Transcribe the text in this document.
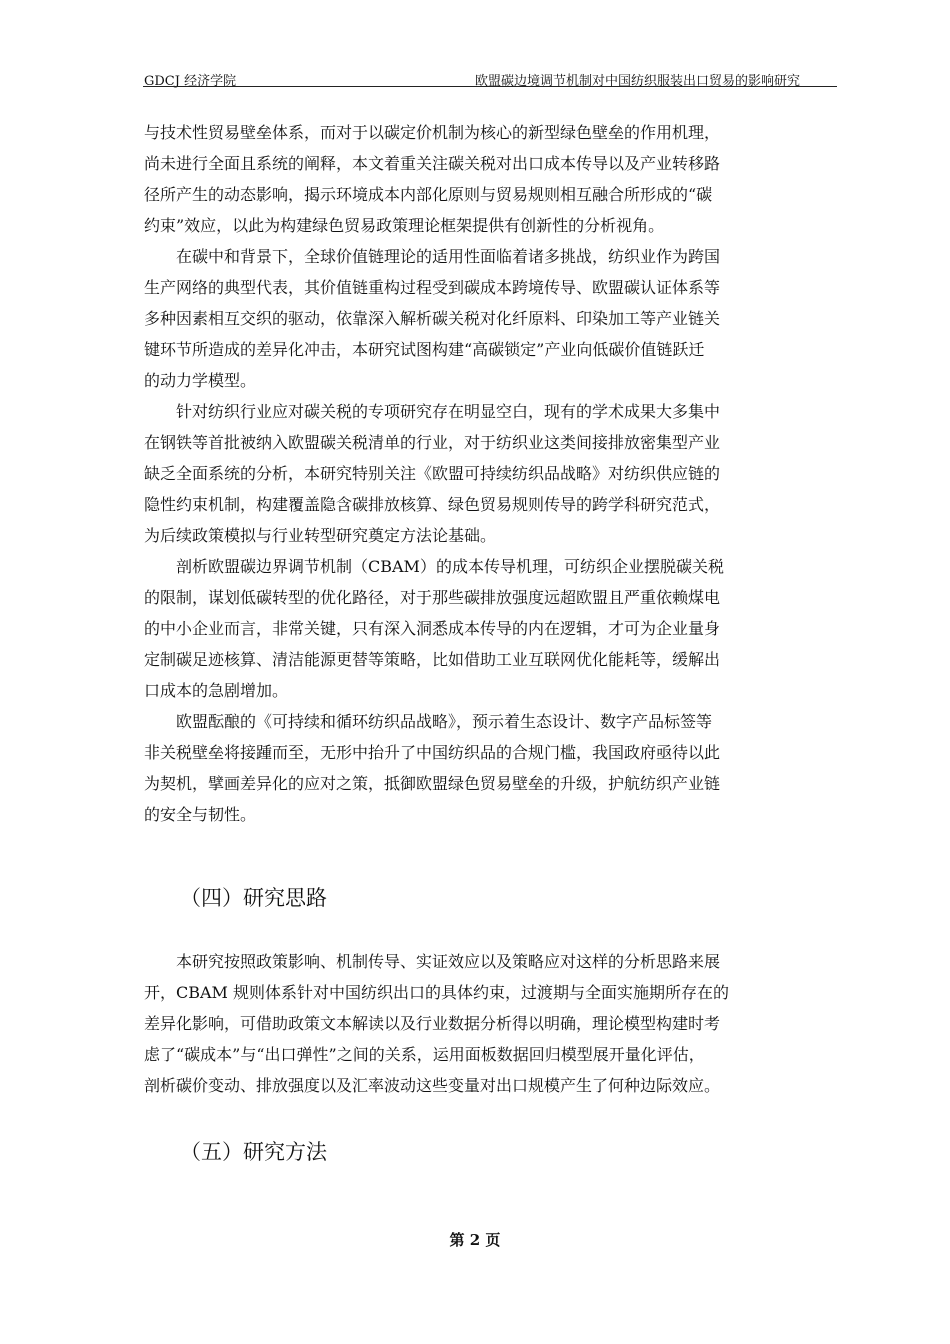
GDCJ 经济学院	欧盟碳边境调节机制对中国纺织服装出口贸易的影响研究
与技术性贸易壁垒体系，而对于以碳定价机制为核心的新型绿色壁垒的作用机理，
尚未进行全面且系统的阐释，本文着重关注碳关税对出口成本传导以及产业转移路
径所产生的动态影响，揭示环境成本内部化原则与贸易规则相互融合所形成的“碳
约束”效应，以此为构建绿色贸易政策理论框架提供有创新性的分析视角。
　　在碳中和背景下，全球价值链理论的适用性面临着诸多挑战，纺织业作为跨国
生产网络的典型代表，其价值链重构过程受到碳成本跨境传导、欧盟碳认证体系等
多种因素相互交织的驱动，依靠深入解析碳关税对化纤原料、印染加工等产业链关
键环节所造成的差异化冲击，本研究试图构建“高碳锁定”产业向低碳价值链跃迁
的动力学模型。
　　针对纺织行业应对碳关税的专项研究存在明显空白，现有的学术成果大多集中
在钢铁等首批被纳入欧盟碳关税清单的行业，对于纺织业这类间接排放密集型产业
缺乏全面系统的分析，本研究特别关注《欧盟可持续纺织品战略》对纺织供应链的
隐性约束机制，构建覆盖隐含碳排放核算、绿色贸易规则传导的跨学科研究范式，
为后续政策模拟与行业转型研究奠定方法论基础。
　　剖析欧盟碳边界调节机制（CBAM）的成本传导机理，可纺织企业摆脱碳关税
的限制，谋划低碳转型的优化路径，对于那些碳排放强度远超欧盟且严重依赖煤电
的中小企业而言，非常关键，只有深入洞悉成本传导的内在逻辑，才可为企业量身
定制碳足迹核算、清洁能源更替等策略，比如借助工业互联网优化能耗等，缓解出
口成本的急剧增加。
　　欧盟酝酿的《可持续和循环纺织品战略》，预示着生态设计、数字产品标签等
非关税壁垒将接踵而至，无形中抬升了中国纺织品的合规门槛，我国政府亟待以此
为契机，擘画差异化的应对之策，抵御欧盟绿色贸易壁垒的升级，护航纺织产业链
的安全与韧性。
（四）研究思路
　　本研究按照政策影响、机制传导、实证效应以及策略应对这样的分析思路来展
开，CBAM 规则体系针对中国纺织出口的具体约束，过渡期与全面实施期所存在的
差异化影响，可借助政策文本解读以及行业数据分析得以明确，理论模型构建时考
虑了“碳成本”与“出口弹性”之间的关系，运用面板数据回归模型展开量化评估，
剖析碳价变动、排放强度以及汇率波动这些变量对出口规模产生了何种边际效应。
（五）研究方法
第 2 页
